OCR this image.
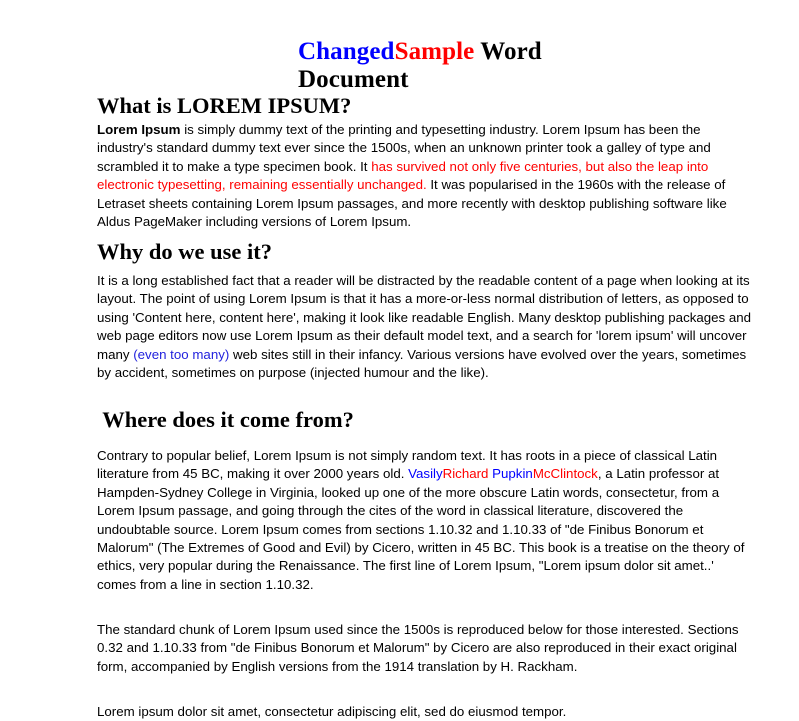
ChangedSample Word Document
What is LOREM IPSUM?

Lorem Ipsum is simply dummy text of the printing and typesetting industry. Lorem Ipsum has been the industry's standard dummy text ever since the 1500s, when an unknown printer took a galley of type and scrambled it to make a type specimen book. It has survived not only five centuries, but also the leap into electronic typesetting, remaining essentially unchanged. It was popularised in the 1960s with the release of Letraset sheets containing Lorem Ipsum passages, and more recently with desktop publishing software like Aldus PageMaker including versions of Lorem Ipsum.

Why do we use it?

It is a long established fact that a reader will be distracted by the readable content of a page when looking at its layout. The point of using Lorem Ipsum is that it has a more-or-less normal distribution of letters, as opposed to using 'Content here, content here', making it look like readable English. Many desktop publishing packages and web page editors now use Lorem Ipsum as their default model text, and a search for 'lorem ipsum' will uncover many (even too many) web sites still in their infancy. Various versions have evolved over the years, sometimes by accident, sometimes on purpose (injected humour and the like).

Where does it come from?

Contrary to popular belief, Lorem Ipsum is not simply random text. It has roots in a piece of classical Latin literature from 45 BC, making it over 2000 years old. VasilyRichard PupkinMcClintock, a Latin professor at Hampden-Sydney College in Virginia, looked up one of the more obscure Latin words, consectetur, from a Lorem Ipsum passage, and going through the cites of the word in classical literature, discovered the undoubtable source. Lorem Ipsum comes from sections 1.10.32 and 1.10.33 of "de Finibus Bonorum et Malorum" (The Extremes of Good and Evil) by Cicero, written in 45 BC. This book is a treatise on the theory of ethics, very popular during the Renaissance. The first line of Lorem Ipsum, "Lorem ipsum dolor sit amet..' comes from a line in section 1.10.32.

The standard chunk of Lorem Ipsum used since the 1500s is reproduced below for those interested. Sections 0.32 and 1.10.33 from "de Finibus Bonorum et Malorum" by Cicero are also reproduced in their exact original form, accompanied by English versions from the 1914 translation by H. Rackham.

Lorem ipsum dolor sit amet, consectetur adipiscing elit, sed do eiusmod tempor.
